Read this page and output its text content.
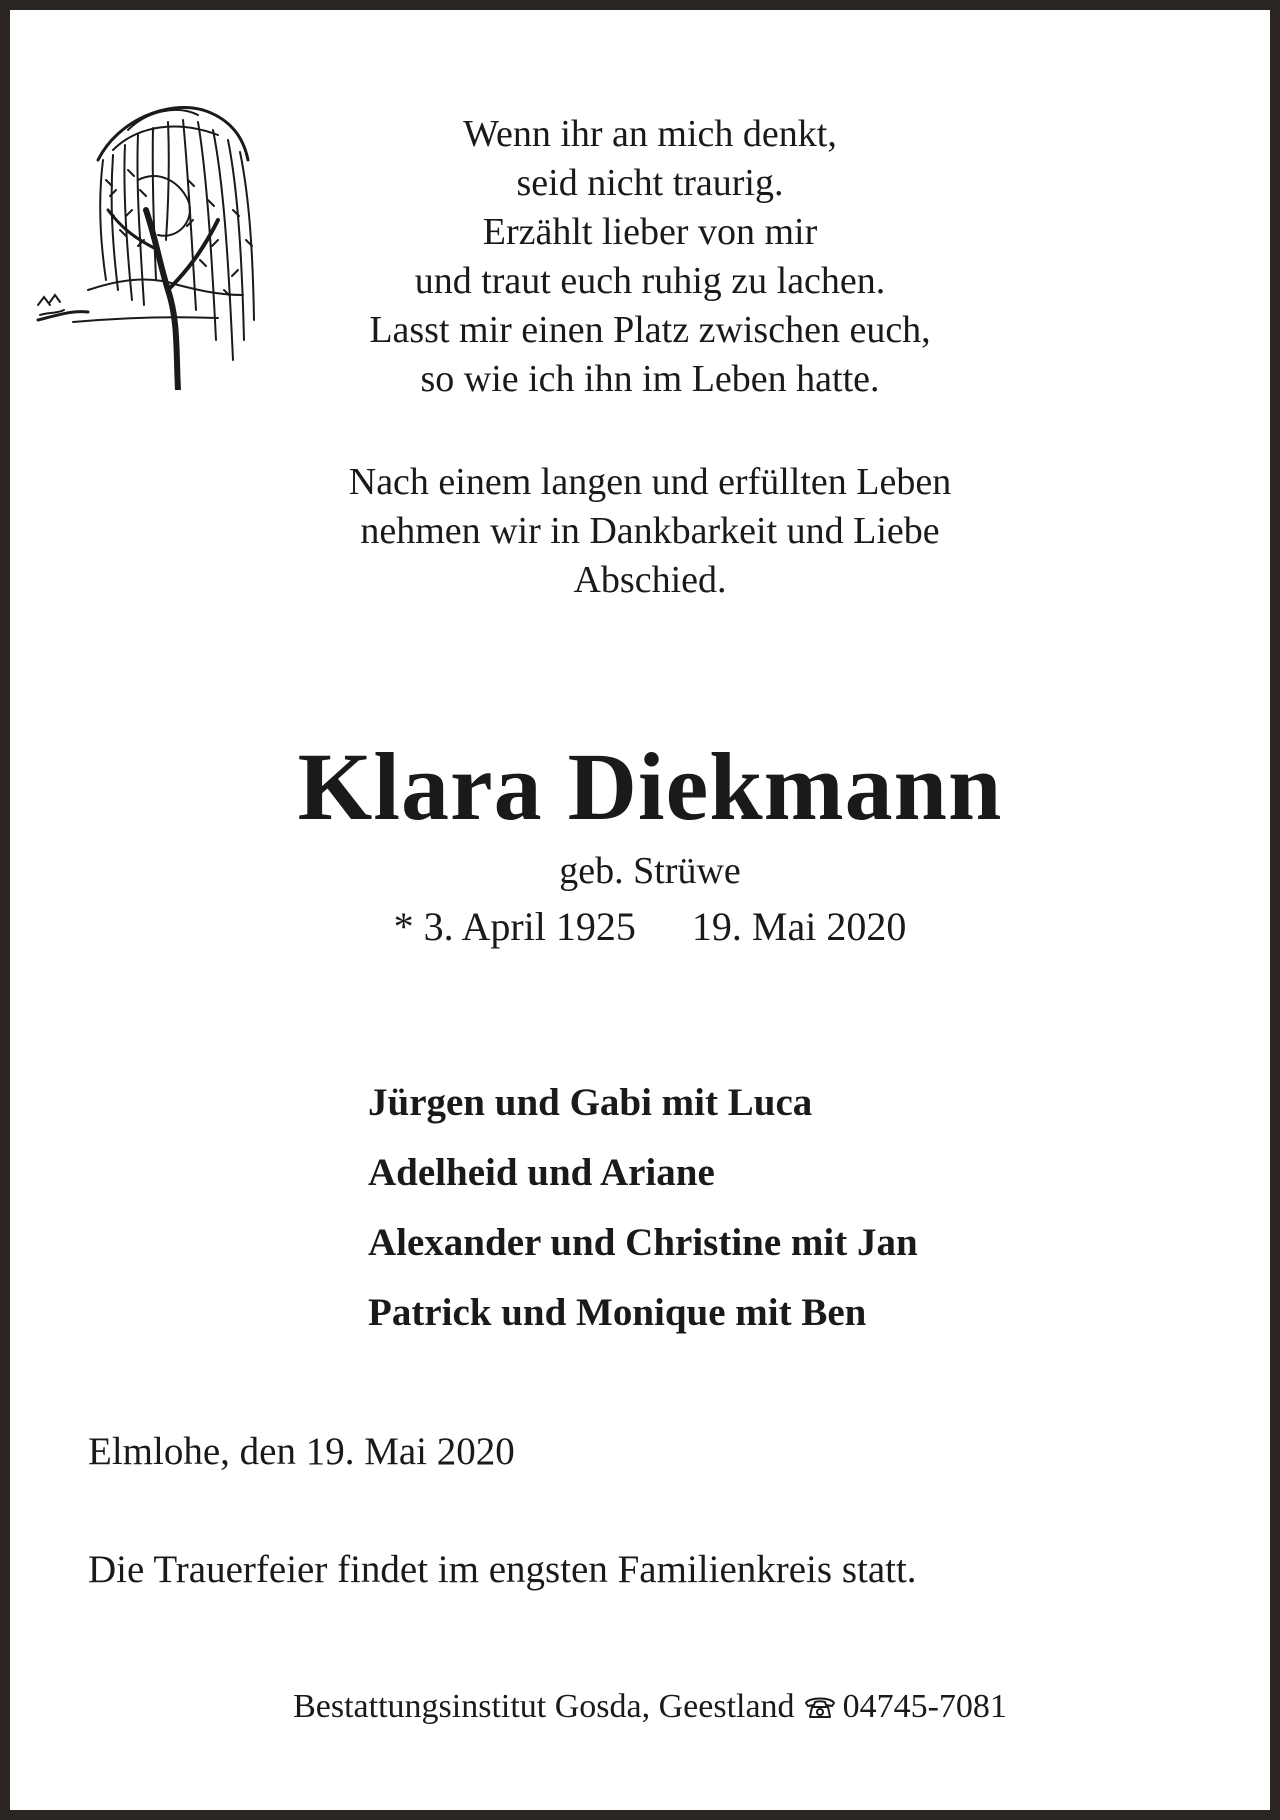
Wenn ihr an mich denkt,
seid nicht traurig.
Erzählt lieber von mir
und traut euch ruhig zu lachen.
Lasst mir einen Platz zwischen euch,
so wie ich ihn im Leben hatte.
Nach einem langen und erfüllten Leben
nehmen wir in Dankbarkeit und Liebe
Abschied.
Klara Diekmann
geb. Strüwe
* 3. April 1925 19. Mai 2020
Jürgen und Gabi mit Luca
Adelheid und Ariane
Alexander und Christine mit Jan
Patrick und Monique mit Ben
Elmlohe, den 19. Mai 2020
Die Trauerfeier findet im engsten Familienkreis statt.
Bestattungsinstitut Gosda, Geestland 04745-7081
